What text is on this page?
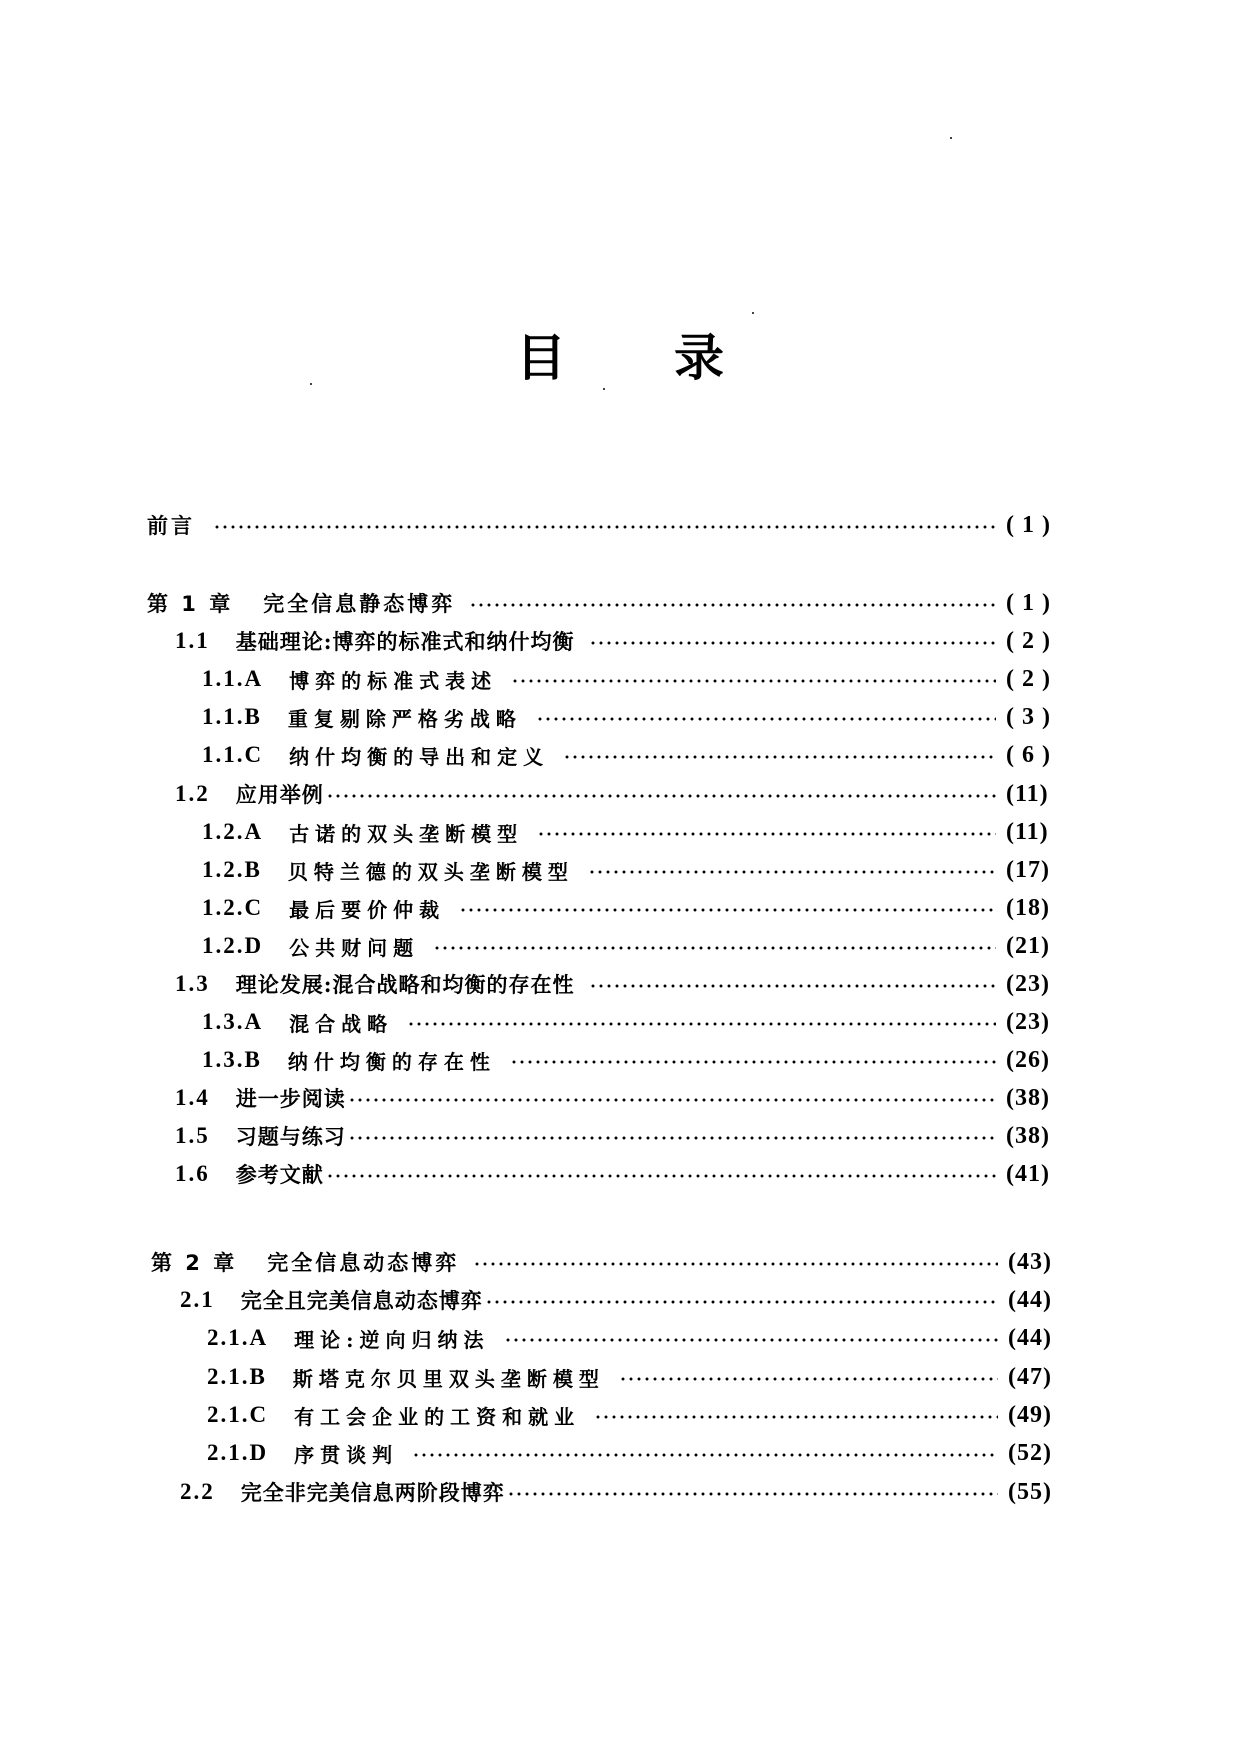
目 录
前言	( 1 )
第 1 章 完全信息静态博弈	( 1 )
1.1 基础理论:博弈的标准式和纳什均衡	( 2 )
1.1.A 博弈的标准式表述	( 2 )
1.1.B 重复剔除严格劣战略	( 3 )
1.1.C 纳什均衡的导出和定义	( 6 )
1.2 应用举例	(11)
1.2.A 古诺的双头垄断模型	(11)
1.2.B 贝特兰德的双头垄断模型	(17)
1.2.C 最后要价仲裁	(18)
1.2.D 公共财问题	(21)
1.3 理论发展:混合战略和均衡的存在性	(23)
1.3.A 混合战略	(23)
1.3.B 纳什均衡的存在性	(26)
1.4 进一步阅读	(38)
1.5 习题与练习	(38)
1.6 参考文献	(41)
第 2 章 完全信息动态博弈	(43)
2.1 完全且完美信息动态博弈	(44)
2.1.A 理论:逆向归纳法	(44)
2.1.B 斯塔克尔贝里双头垄断模型	(47)
2.1.C 有工会企业的工资和就业	(49)
2.1.D 序贯谈判	(52)
2.2 完全非完美信息两阶段博弈	(55)
